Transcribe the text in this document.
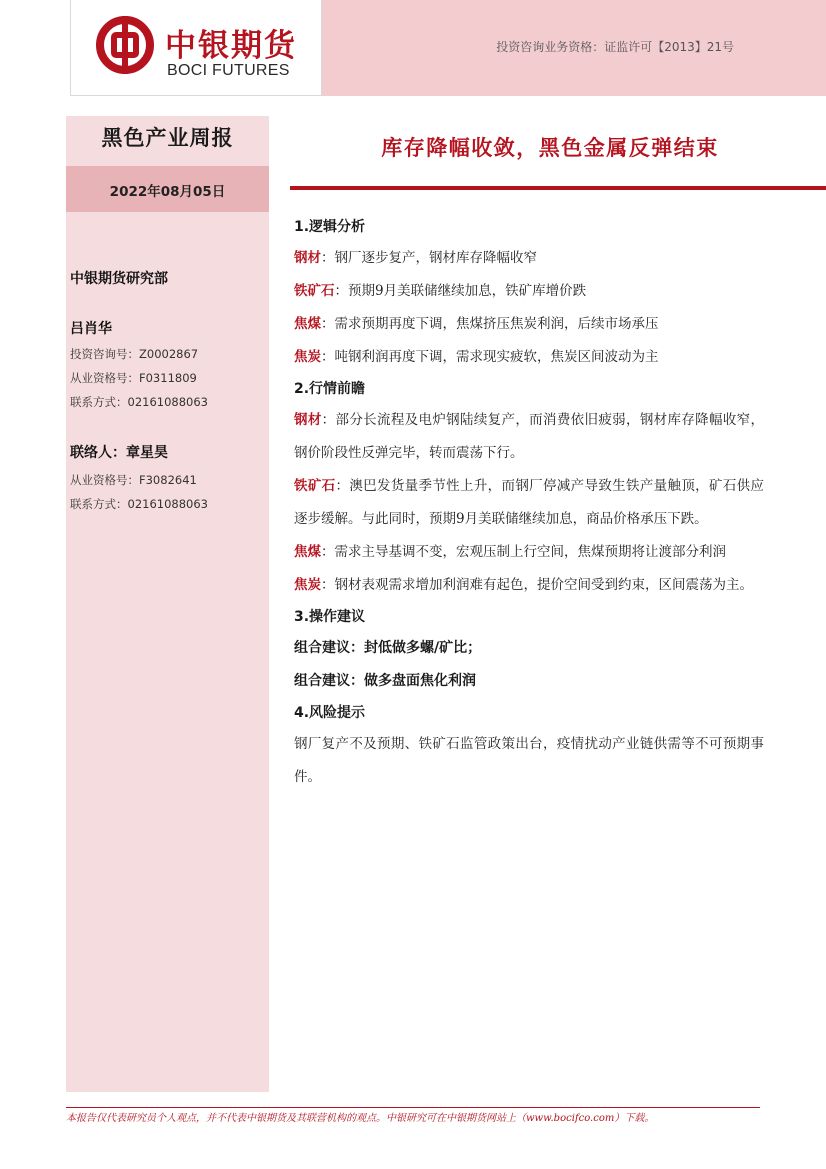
中银期货
BOCI FUTURES
投资咨询业务资格：证监许可【2013】21号
黑色产业周报
2022年08月05日
中银期货研究部
吕肖华
投资咨询号：Z0002867
从业资格号：F0311809
联系方式：02161088063
联络人：章星昊
从业资格号：F3082641
联系方式：02161088063
库存降幅收敛，黑色金属反弹结束

1.逻辑分析

钢材：钢厂逐步复产，钢材库存降幅收窄

铁矿石：预期9月美联储继续加息，铁矿库增价跌

焦煤：需求预期再度下调，焦煤挤压焦炭利润，后续市场承压

焦炭：吨钢利润再度下调，需求现实疲软，焦炭区间波动为主

2.行情前瞻

钢材：部分长流程及电炉钢陆续复产，而消费依旧疲弱，钢材库存降幅收窄，钢价阶段性反弹完毕，转而震荡下行。

铁矿石：澳巴发货量季节性上升，而钢厂停减产导致生铁产量触顶，矿石供应逐步缓解。与此同时，预期9月美联储继续加息，商品价格承压下跌。

焦煤：需求主导基调不变，宏观压制上行空间，焦煤预期将让渡部分利润

焦炭：钢材表观需求增加利润难有起色，提价空间受到约束，区间震荡为主。

3.操作建议

组合建议：封低做多螺/矿比；

组合建议：做多盘面焦化利润

4.风险提示

钢厂复产不及预期、铁矿石监管政策出台，疫情扰动产业链供需等不可预期事件。

本报告仅代表研究员个人观点，并不代表中银期货及其联营机构的观点。中银研究可在中银期货网站上（www.bocifco.com）下载。
